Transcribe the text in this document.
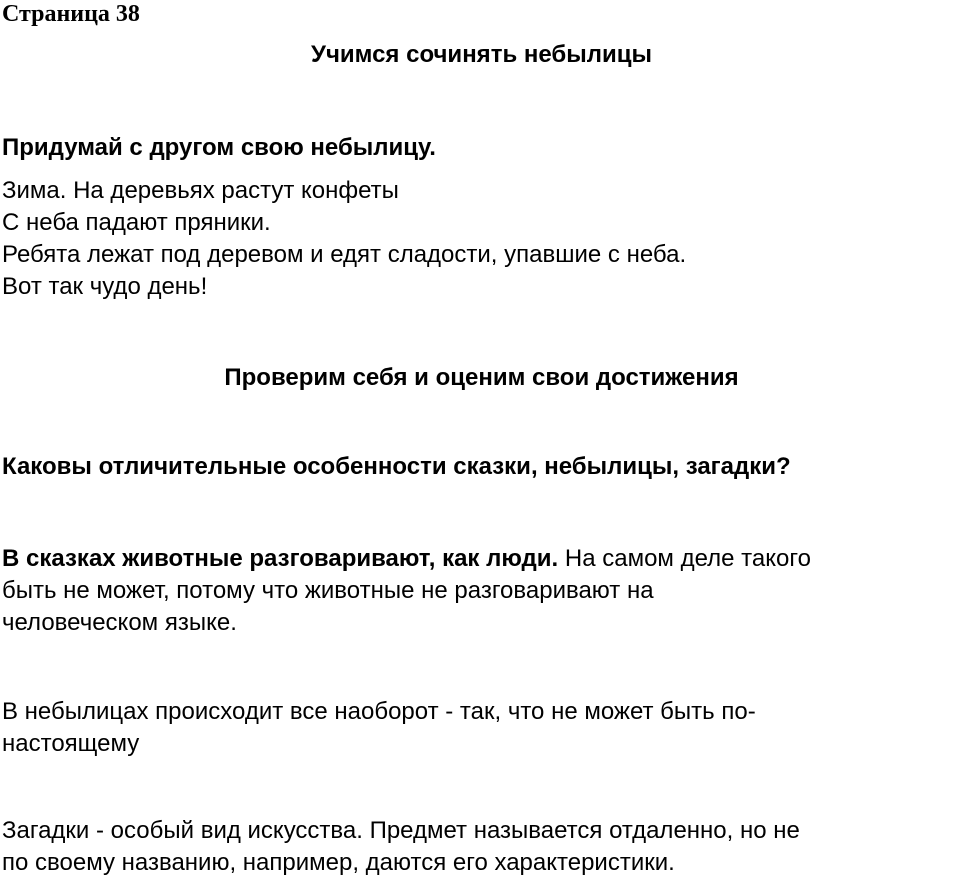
Страница 38
Учимся сочинять небылицы
Придумай с другом свою небылицу.
Зима. На деревьях растут конфеты
С неба падают пряники.
Ребята лежат под деревом и едят сладости, упавшие с неба.
Вот так чудо день!
Проверим себя и оценим свои достижения
Каковы отличительные особенности сказки, небылицы, загадки?
В сказках животные разговаривают, как люди. На самом деле такого
быть не может, потому что животные не разговаривают на
человеческом языке.
В небылицах происходит все наоборот - так, что не может быть по-
настоящему
Загадки - особый вид искусства. Предмет называется отдаленно, но не
по своему названию, например, даются его характеристики.
